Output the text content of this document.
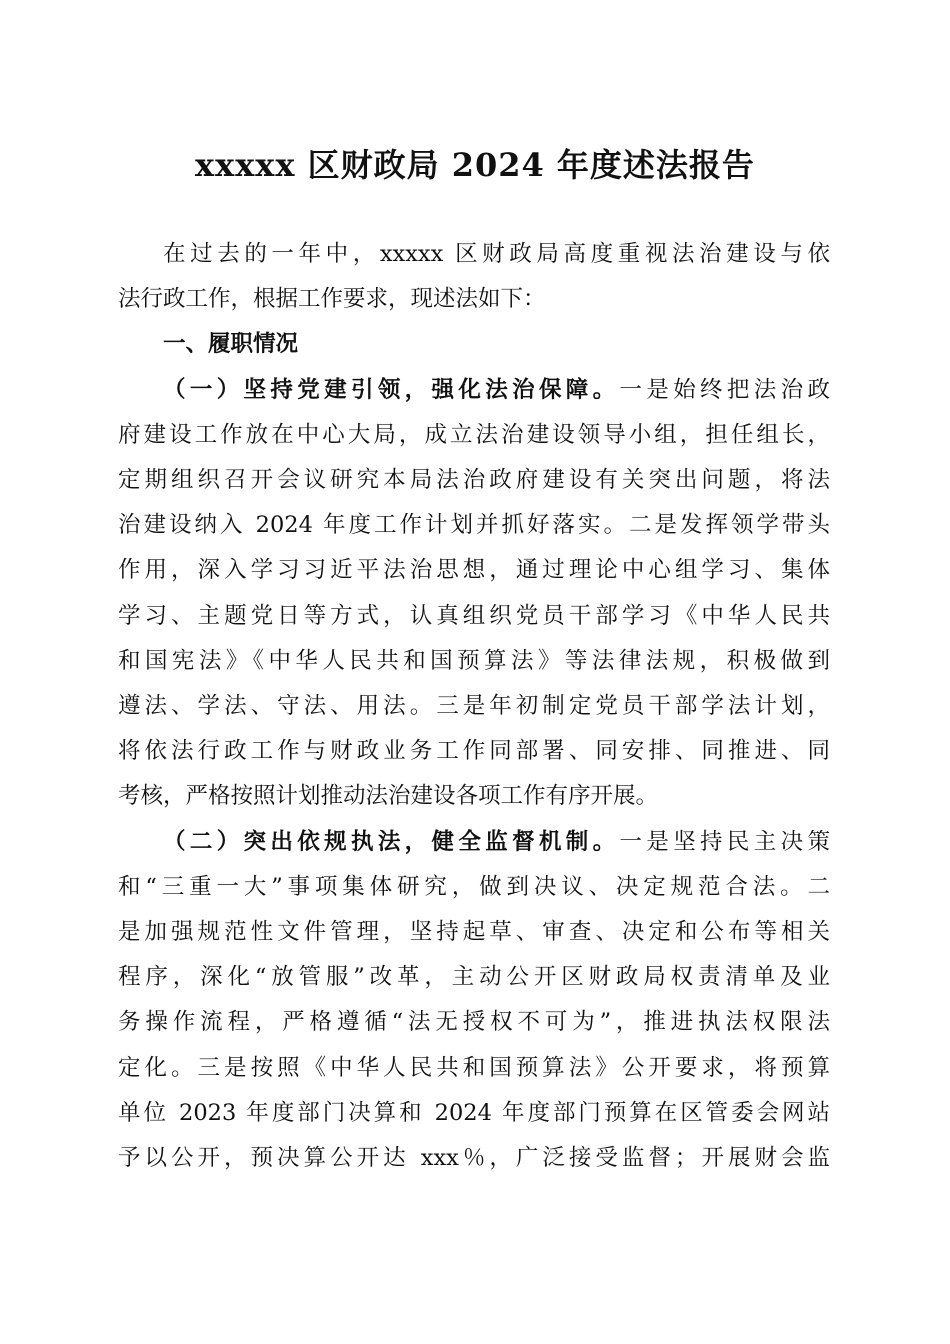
xxxxx 区财政局 2024 年度述法报告

在过去的一年中，xxxxx 区财政局高度重视法治建设与依
法行政工作，根据工作要求，现述法如下：

一、履职情况

（一）坚持党建引领，强化法治保障。一是始终把法治政
府建设工作放在中心大局，成立法治建设领导小组，担任组长，
定期组织召开会议研究本局法治政府建设有关突出问题，将法
治建设纳入 2024 年度工作计划并抓好落实。二是发挥领学带头
作用，深入学习习近平法治思想，通过理论中心组学习、集体
学习、主题党日等方式，认真组织党员干部学习《中华人民共
和国宪法》《中华人民共和国预算法》等法律法规，积极做到
遵法、学法、守法、用法。三是年初制定党员干部学法计划，
将依法行政工作与财政业务工作同部署、同安排、同推进、同
考核，严格按照计划推动法治建设各项工作有序开展。

（二）突出依规执法，健全监督机制。一是坚持民主决策
和“三重一大”事项集体研究，做到决议、决定规范合法。二
是加强规范性文件管理，坚持起草、审查、决定和公布等相关
程序，深化“放管服”改革，主动公开区财政局权责清单及业
务操作流程，严格遵循“法无授权不可为”，推进执法权限法
定化。三是按照《中华人民共和国预算法》公开要求，将预算
单位 2023 年度部门决算和 2024 年度部门预算在区管委会网站
予以公开，预决算公开达 xxx％，广泛接受监督；开展财会监
